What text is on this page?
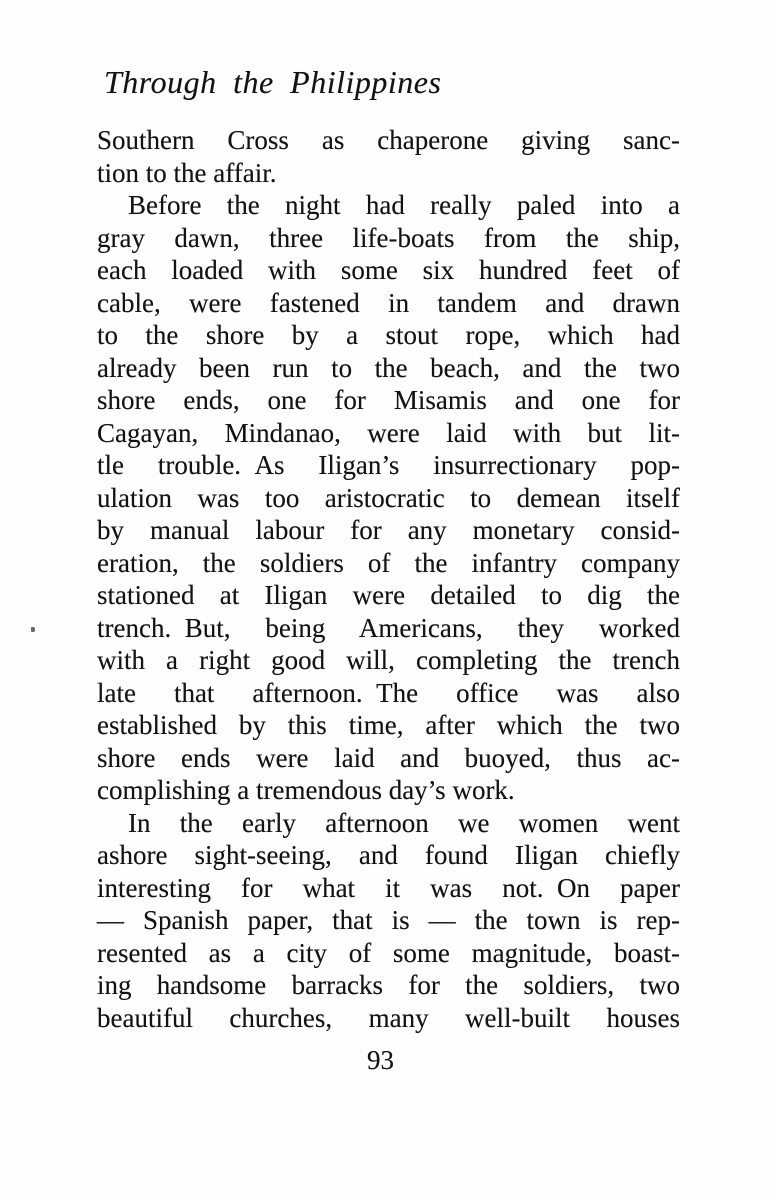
Through the Philippines
Southern Cross as chaperone giving sanc-
tion to the affair.
Before the night had really paled into a
gray dawn, three life-boats from the ship,
each loaded with some six hundred feet of
cable, were fastened in tandem and drawn
to the shore by a stout rope, which had
already been run to the beach, and the two
shore ends, one for Misamis and one for
Cagayan, Mindanao, were laid with but lit-
tle trouble. As Iligan’s insurrectionary pop-
ulation was too aristocratic to demean itself
by manual labour for any monetary consid-
eration, the soldiers of the infantry company
stationed at Iligan were detailed to dig the
trench. But, being Americans, they worked
with a right good will, completing the trench
late that afternoon. The office was also
established by this time, after which the two
shore ends were laid and buoyed, thus ac-
complishing a tremendous day’s work.
In the early afternoon we women went
ashore sight-seeing, and found Iligan chiefly
interesting for what it was not. On paper
— Spanish paper, that is — the town is rep-
resented as a city of some magnitude, boast-
ing handsome barracks for the soldiers, two
beautiful churches, many well-built houses
93
